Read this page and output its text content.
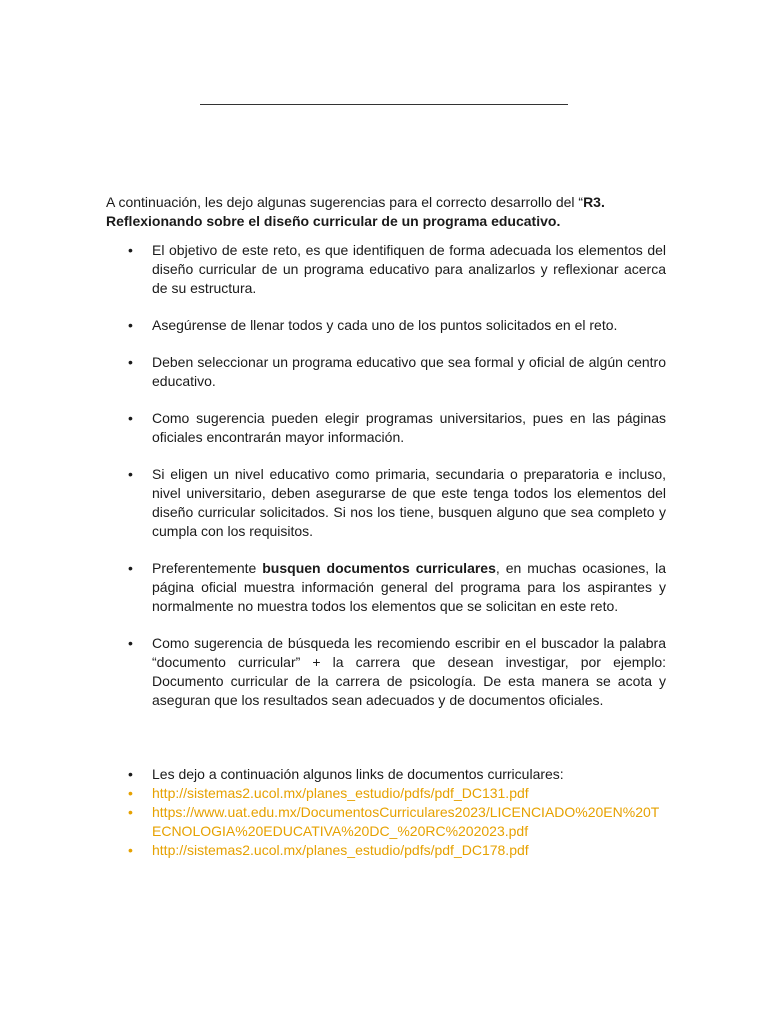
A continuación, les dejo algunas sugerencias para el correcto desarrollo del “R3. Reflexionando sobre el diseño curricular de un programa educativo.
• El objetivo de este reto, es que identifiquen de forma adecuada los elementos del diseño curricular de un programa educativo para analizarlos y reflexionar acerca de su estructura.
• Asegúrense de llenar todos y cada uno de los puntos solicitados en el reto.
• Deben seleccionar un programa educativo que sea formal y oficial de algún centro educativo.
• Como sugerencia pueden elegir programas universitarios, pues en las páginas oficiales encontrarán mayor información.
• Si eligen un nivel educativo como primaria, secundaria o preparatoria e incluso, nivel universitario, deben asegurarse de que este tenga todos los elementos del diseño curricular solicitados. Si nos los tiene, busquen alguno que sea completo y cumpla con los requisitos.
• Preferentemente busquen documentos curriculares, en muchas ocasiones, la página oficial muestra información general del programa para los aspirantes y normalmente no muestra todos los elementos que se solicitan en este reto.
• Como sugerencia de búsqueda les recomiendo escribir en el buscador la palabra “documento curricular” + la carrera que desean investigar, por ejemplo: Documento curricular de la carrera de psicología. De esta manera se acota y aseguran que los resultados sean adecuados y de documentos oficiales.
• Les dejo a continuación algunos links de documentos curriculares:
• http://sistemas2.ucol.mx/planes_estudio/pdfs/pdf_DC131.pdf
• https://www.uat.edu.mx/DocumentosCurriculares2023/LICENCIADO%20EN%20TECNOLOGIA%20EDUCATIVA%20DC_%20RC%202023.pdf
• http://sistemas2.ucol.mx/planes_estudio/pdfs/pdf_DC178.pdf
